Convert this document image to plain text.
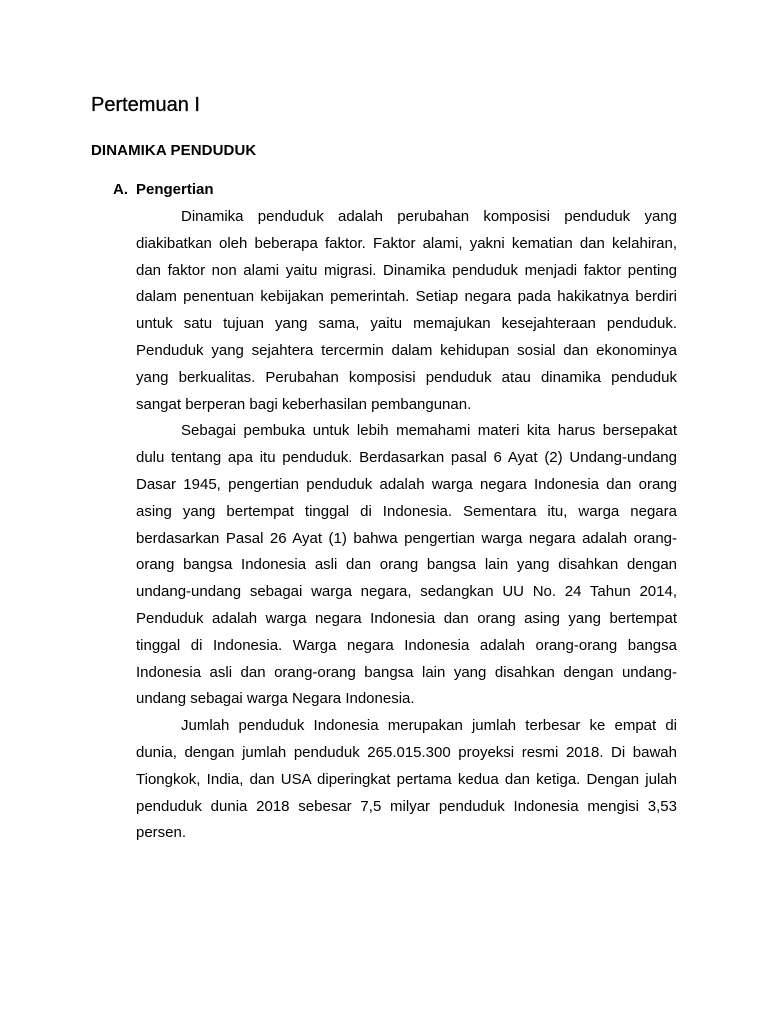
Pertemuan I
DINAMIKA PENDUDUK
A. Pengertian

Dinamika penduduk adalah perubahan komposisi penduduk yang diakibatkan oleh beberapa faktor. Faktor alami, yakni kematian dan kelahiran, dan faktor non alami yaitu migrasi. Dinamika penduduk menjadi faktor penting dalam penentuan kebijakan pemerintah. Setiap negara pada hakikatnya berdiri untuk satu tujuan yang sama, yaitu memajukan kesejahteraan penduduk. Penduduk yang sejahtera tercermin dalam kehidupan sosial dan ekonominya yang berkualitas. Perubahan komposisi penduduk atau dinamika penduduk sangat berperan bagi keberhasilan pembangunan.

Sebagai pembuka untuk lebih memahami materi kita harus bersepakat dulu tentang apa itu penduduk. Berdasarkan pasal 6 Ayat (2) Undang-undang Dasar 1945, pengertian penduduk adalah warga negara Indonesia dan orang asing yang bertempat tinggal di Indonesia. Sementara itu, warga negara berdasarkan Pasal 26 Ayat (1) bahwa pengertian warga negara adalah orang-orang bangsa Indonesia asli dan orang bangsa lain yang disahkan dengan undang-undang sebagai warga negara, sedangkan UU No. 24 Tahun 2014, Penduduk adalah warga negara Indonesia dan orang asing yang bertempat tinggal di Indonesia. Warga negara Indonesia adalah orang-orang bangsa Indonesia asli dan orang-orang bangsa lain yang disahkan dengan undang-undang sebagai warga Negara Indonesia.

Jumlah penduduk Indonesia merupakan jumlah terbesar ke empat di dunia, dengan jumlah penduduk 265.015.300 proyeksi resmi 2018. Di bawah Tiongkok, India, dan USA diperingkat pertama kedua dan ketiga. Dengan julah penduduk dunia 2018 sebesar 7,5 milyar penduduk Indonesia mengisi 3,53 persen.
